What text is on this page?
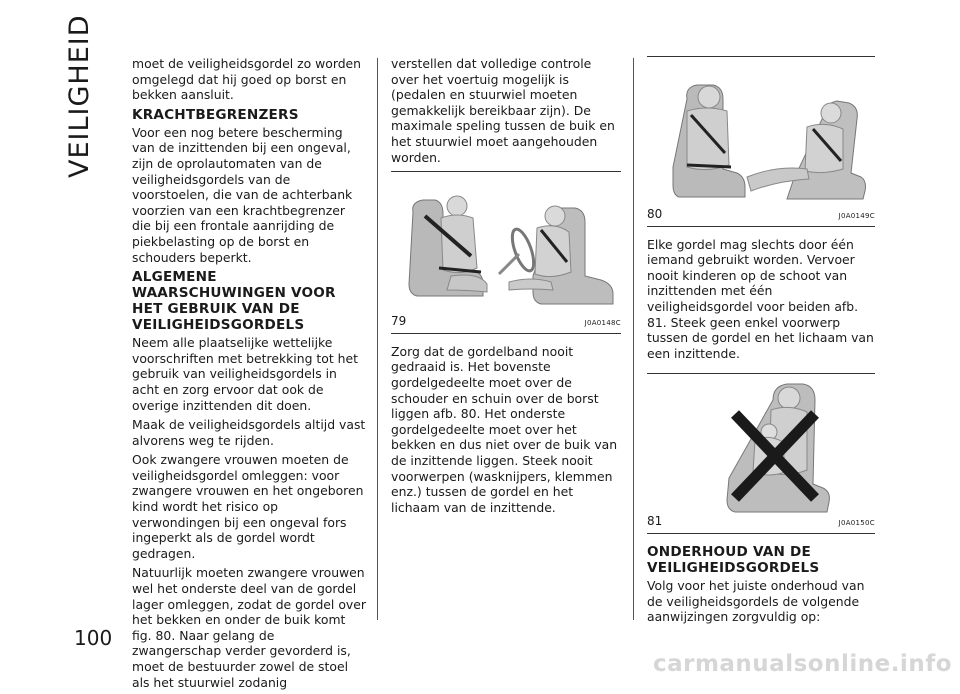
VEILIGHEID
100

moet de veiligheidsgordel zo worden omgelegd dat hij goed op borst en bekken aansluit.

KRACHTBEGRENZERS

Voor een nog betere bescherming van de inzittenden bij een ongeval, zijn de oprolautomaten van de veiligheidsgordels van de voorstoelen, die van de achterbank voorzien van een krachtbegrenzer die bij een frontale aanrijding de piekbelasting op de borst en schouders beperkt.

ALGEMENE WAARSCHUWINGEN VOOR HET GEBRUIK VAN DE VEILIGHEIDSGORDELS

Neem alle plaatselijke wettelijke voorschriften met betrekking tot het gebruik van veiligheidsgordels in acht en zorg ervoor dat ook de overige inzittenden dit doen.

Maak de veiligheidsgordels altijd vast alvorens weg te rijden.

Ook zwangere vrouwen moeten de veiligheidsgordel omleggen: voor zwangere vrouwen en het ongeboren kind wordt het risico op verwondingen bij een ongeval fors ingeperkt als de gordel wordt gedragen.

Natuurlijk moeten zwangere vrouwen wel het onderste deel van de gordel lager omleggen, zodat de gordel over het bekken en onder de buik komt fig. 80. Naar gelang de zwangerschap verder gevorderd is, moet de bestuurder zowel de stoel als het stuurwiel zodanig

verstellen dat volledige controle over het voertuig mogelijk is (pedalen en stuurwiel moeten gemakkelijk bereikbaar zijn). De maximale speling tussen de buik en het stuurwiel moet aangehouden worden.

79	J0A0148C

Zorg dat de gordelband nooit gedraaid is. Het bovenste gordelgedeelte moet over de schouder en schuin over de borst liggen afb. 80. Het onderste gordelgedeelte moet over het bekken en dus niet over de buik van de inzittende liggen. Steek nooit voorwerpen (wasknijpers, klemmen enz.) tussen de gordel en het lichaam van de inzittende.

80	J0A0149C

Elke gordel mag slechts door één iemand gebruikt worden. Vervoer nooit kinderen op de schoot van inzittenden met één veiligheidsgordel voor beiden afb. 81. Steek geen enkel voorwerp tussen de gordel en het lichaam van een inzittende.

81	J0A0150C
ONDERHOUD VAN DE VEILIGHEIDSGORDELS

Volg voor het juiste onderhoud van de veiligheidsgordels de volgende aanwijzingen zorgvuldig op:

carmanualsonline.info
